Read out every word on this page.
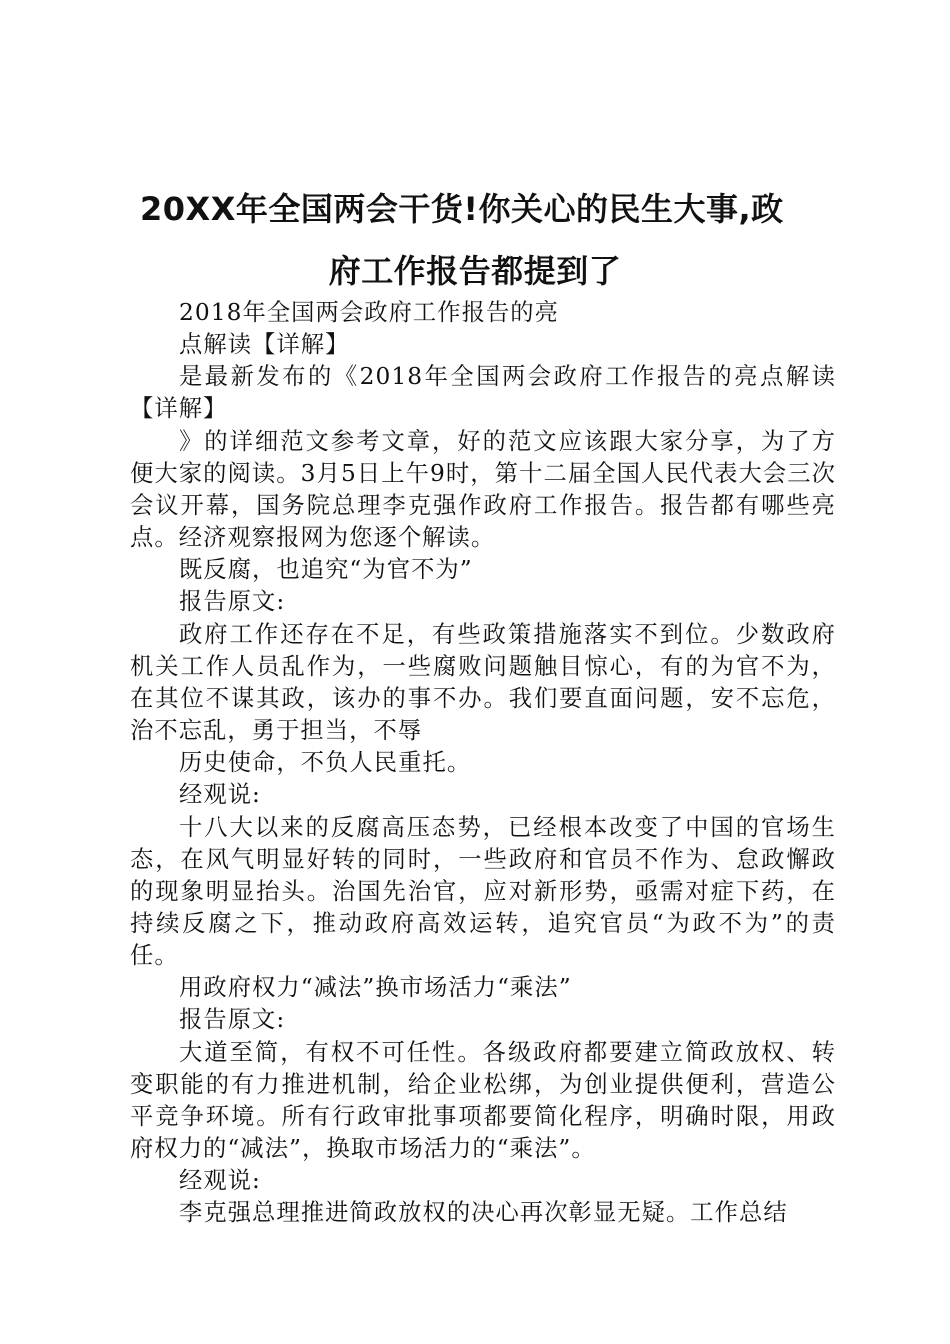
20XX年全国两会干货!你关心的民生大事,政
府工作报告都提到了

2018年全国两会政府工作报告的亮

点解读【详解】

是最新发布的《2018年全国两会政府工作报告的亮点解读【详解】

》的详细范文参考文章，好的范文应该跟大家分享，为了方便大家的阅读。3月5日上午9时，第十二届全国人民代表大会三次会议开幕，国务院总理李克强作政府工作报告。报告都有哪些亮点。经济观察报网为您逐个解读。

既反腐，也追究“为官不为”

报告原文:

政府工作还存在不足，有些政策措施落实不到位。少数政府机关工作人员乱作为，一些腐败问题触目惊心，有的为官不为，在其位不谋其政，该办的事不办。我们要直面问题，安不忘危，治不忘乱，勇于担当，不辱

历史使命，不负人民重托。

经观说:

十八大以来的反腐高压态势，已经根本改变了中国的官场生态，在风气明显好转的同时，一些政府和官员不作为、怠政懈政的现象明显抬头。治国先治官，应对新形势，亟需对症下药，在持续反腐之下，推动政府高效运转，追究官员“为政不为”的责任。

用政府权力“减法”换市场活力“乘法”

报告原文:

大道至简，有权不可任性。各级政府都要建立简政放权、转变职能的有力推进机制，给企业松绑，为创业提供便利，营造公平竞争环境。所有行政审批事项都要简化程序，明确时限，用政府权力的“减法”，换取市场活力的“乘法”。

经观说:

李克强总理推进简政放权的决心再次彰显无疑。工作总结
